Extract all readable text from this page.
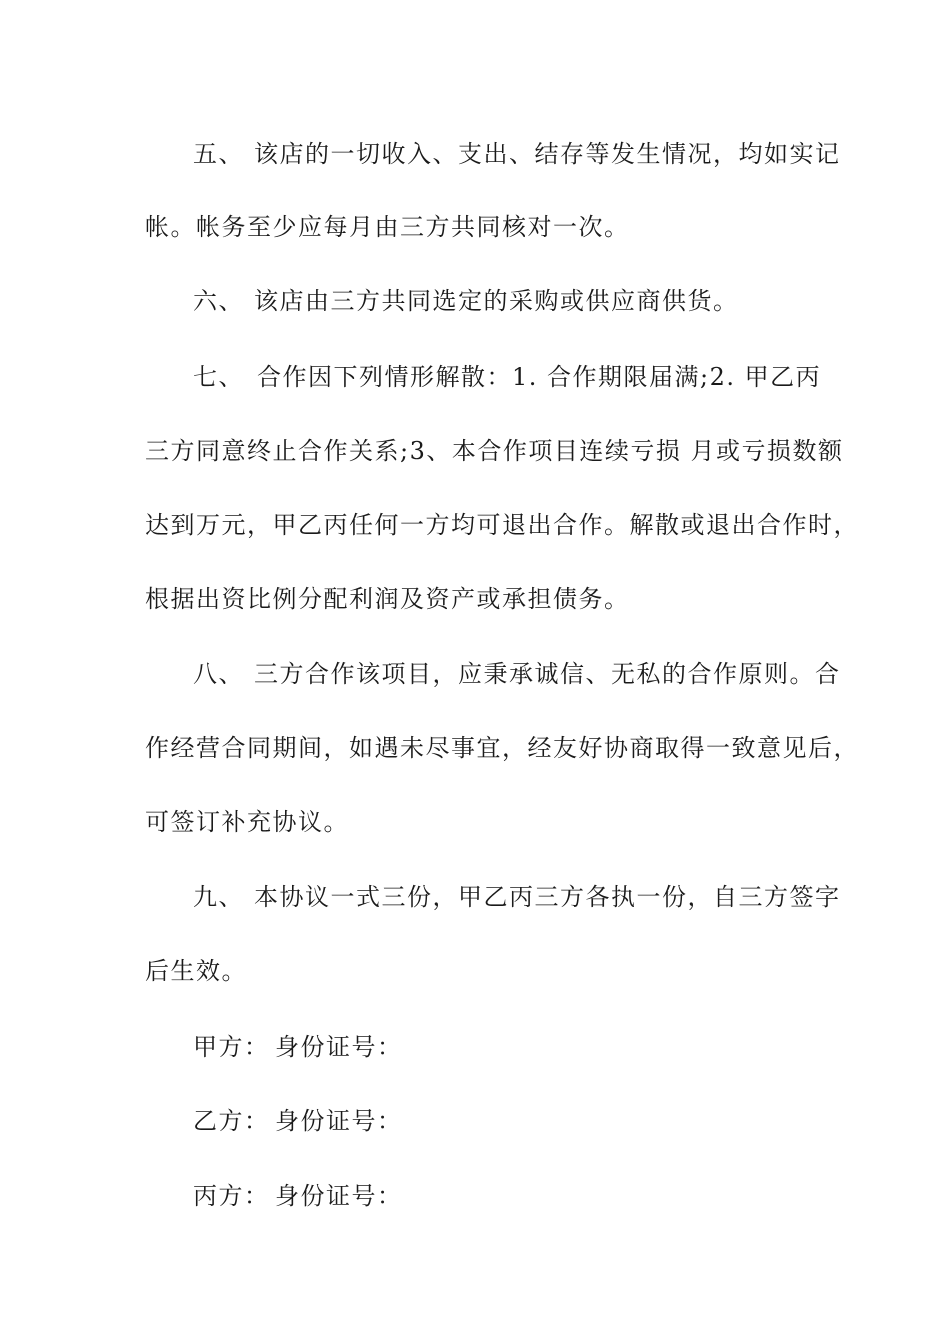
五、 该店的一切收入、支出、结存等发生情况，均如实记
帐。帐务至少应每月由三方共同核对一次。
六、 该店由三方共同选定的采购或供应商供货。
七、 合作因下列情形解散：1. 合作期限届满;2. 甲乙丙
三方同意终止合作关系;3、本合作项目连续亏损 月或亏损数额
达到万元，甲乙丙任何一方均可退出合作。解散或退出合作时，
根据出资比例分配利润及资产或承担债务。
八、 三方合作该项目，应秉承诚信、无私的合作原则。合
作经营合同期间，如遇未尽事宜，经友好协商取得一致意见后，
可签订补充协议。
九、 本协议一式三份，甲乙丙三方各执一份，自三方签字
后生效。
甲方： 身份证号：
乙方： 身份证号：
丙方： 身份证号：
